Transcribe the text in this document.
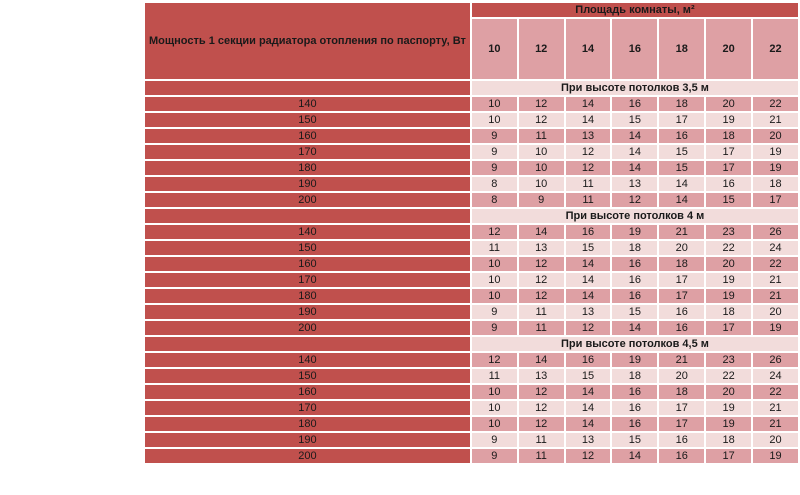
Мощность 1 секции радиатора отопления по паспорту, Вт	Площадь комнаты, м²						
	10	12	14	16	18	20	22
	При высоте потолков 3,5 м						
140	10	12	14	16	18	20	22
150	10	12	14	15	17	19	21
160	9	11	13	14	16	18	20
170	9	10	12	14	15	17	19
180	9	10	12	14	15	17	19
190	8	10	11	13	14	16	18
200	8	9	11	12	14	15	17
	При высоте потолков 4 м						
140	12	14	16	19	21	23	26
150	11	13	15	18	20	22	24
160	10	12	14	16	18	20	22
170	10	12	14	16	17	19	21
180	10	12	14	16	17	19	21
190	9	11	13	15	16	18	20
200	9	11	12	14	16	17	19
	При высоте потолков 4,5 м						
140	12	14	16	19	21	23	26
150	11	13	15	18	20	22	24
160	10	12	14	16	18	20	22
170	10	12	14	16	17	19	21
180	10	12	14	16	17	19	21
190	9	11	13	15	16	18	20
200	9	11	12	14	16	17	19
